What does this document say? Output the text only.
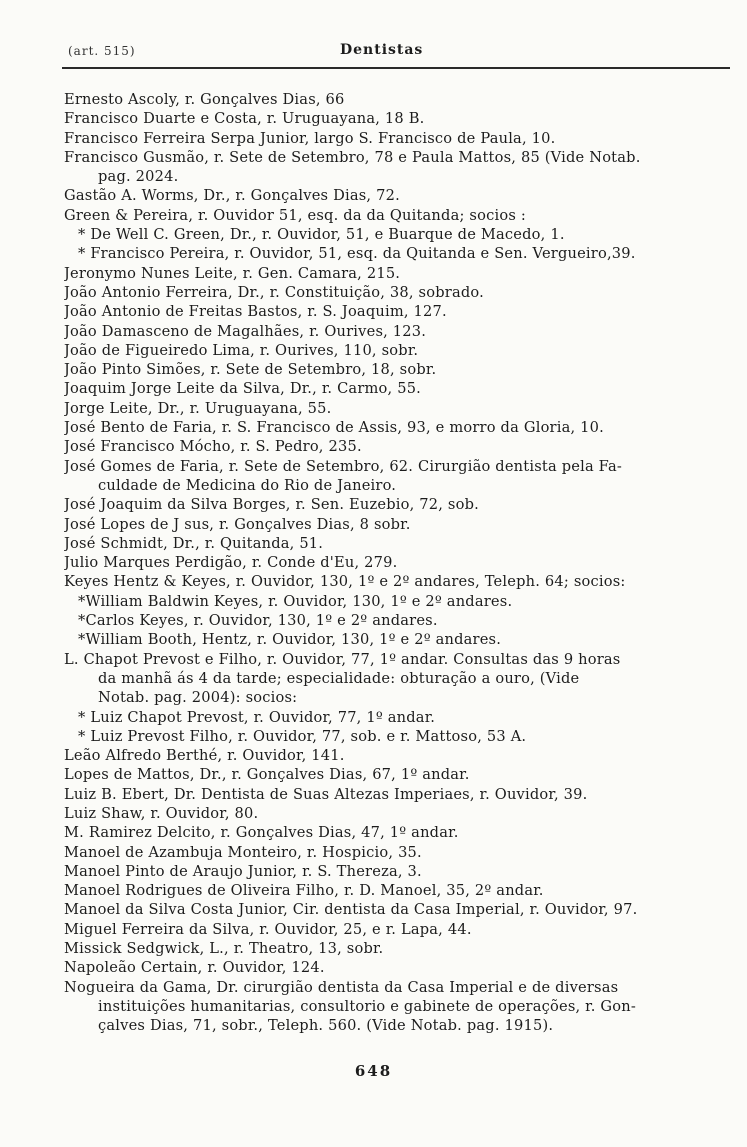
(art. 515)	Dentistas
Ernesto Ascoly, r. Gonçalves Dias, 66
Francisco Duarte e Costa, r. Uruguayana, 18 B.
Francisco Ferreira Serpa Junior, largo S. Francisco de Paula, 10.
Francisco Gusmão, r. Sete de Setembro, 78 e Paula Mattos, 85 (Vide Notab.
pag. 2024.
Gastão A. Worms, Dr., r. Gonçalves Dias, 72.
Green & Pereira, r. Ouvidor 51, esq. da da Quitanda; socios :
* De Well C. Green, Dr., r. Ouvidor, 51, e Buarque de Macedo, 1.
* Francisco Pereira, r. Ouvidor, 51, esq. da Quitanda e Sen. Vergueiro,39.
Jeronymo Nunes Leite, r. Gen. Camara, 215.
João Antonio Ferreira, Dr., r. Constituição, 38, sobrado.
João Antonio de Freitas Bastos, r. S. Joaquim, 127.
João Damasceno de Magalhães, r. Ourives, 123.
João de Figueiredo Lima, r. Ourives, 110, sobr.
João Pinto Simões, r. Sete de Setembro, 18, sobr.
Joaquim Jorge Leite da Silva, Dr., r. Carmo, 55.
Jorge Leite, Dr., r. Uruguayana, 55.
José Bento de Faria, r. S. Francisco de Assis, 93, e morro da Gloria, 10.
José Francisco Mócho, r. S. Pedro, 235.
José Gomes de Faria, r. Sete de Setembro, 62. Cirurgião dentista pela Fa-
culdade de Medicina do Rio de Janeiro.
José Joaquim da Silva Borges, r. Sen. Euzebio, 72, sob.
José Lopes de J sus, r. Gonçalves Dias, 8 sobr.
José Schmidt, Dr., r. Quitanda, 51.
Julio Marques Perdigão, r. Conde d'Eu, 279.
Keyes Hentz & Keyes, r. Ouvidor, 130, 1º e 2º andares, Teleph. 64; socios:
*William Baldwin Keyes, r. Ouvidor, 130, 1º e 2º andares.
*Carlos Keyes, r. Ouvidor, 130, 1º e 2º andares.
*William Booth, Hentz, r. Ouvidor, 130, 1º e 2º andares.
L. Chapot Prevost e Filho, r. Ouvidor, 77, 1º andar. Consultas das 9 horas
da manhã ás 4 da tarde; especialidade: obturação a ouro, (Vide
Notab. pag. 2004): socios:
* Luiz Chapot Prevost, r. Ouvidor, 77, 1º andar.
* Luiz Prevost Filho, r. Ouvidor, 77, sob. e r. Mattoso, 53 A.
Leão Alfredo Berthé, r. Ouvidor, 141.
Lopes de Mattos, Dr., r. Gonçalves Dias, 67, 1º andar.
Luiz B. Ebert, Dr. Dentista de Suas Altezas Imperiaes, r. Ouvidor, 39.
Luiz Shaw, r. Ouvidor, 80.
M. Ramirez Delcito, r. Gonçalves Dias, 47, 1º andar.
Manoel de Azambuja Monteiro, r. Hospicio, 35.
Manoel Pinto de Araujo Junior, r. S. Thereza, 3.
Manoel Rodrigues de Oliveira Filho, r. D. Manoel, 35, 2º andar.
Manoel da Silva Costa Junior, Cir. dentista da Casa Imperial, r. Ouvidor, 97.
Miguel Ferreira da Silva, r. Ouvidor, 25, e r. Lapa, 44.
Missick Sedgwick, L., r. Theatro, 13, sobr.
Napoleão Certain, r. Ouvidor, 124.
Nogueira da Gama, Dr. cirurgião dentista da Casa Imperial e de diversas
instituições humanitarias, consultorio e gabinete de operações, r. Gon-
çalves Dias, 71, sobr., Teleph. 560. (Vide Notab. pag. 1915).
648
